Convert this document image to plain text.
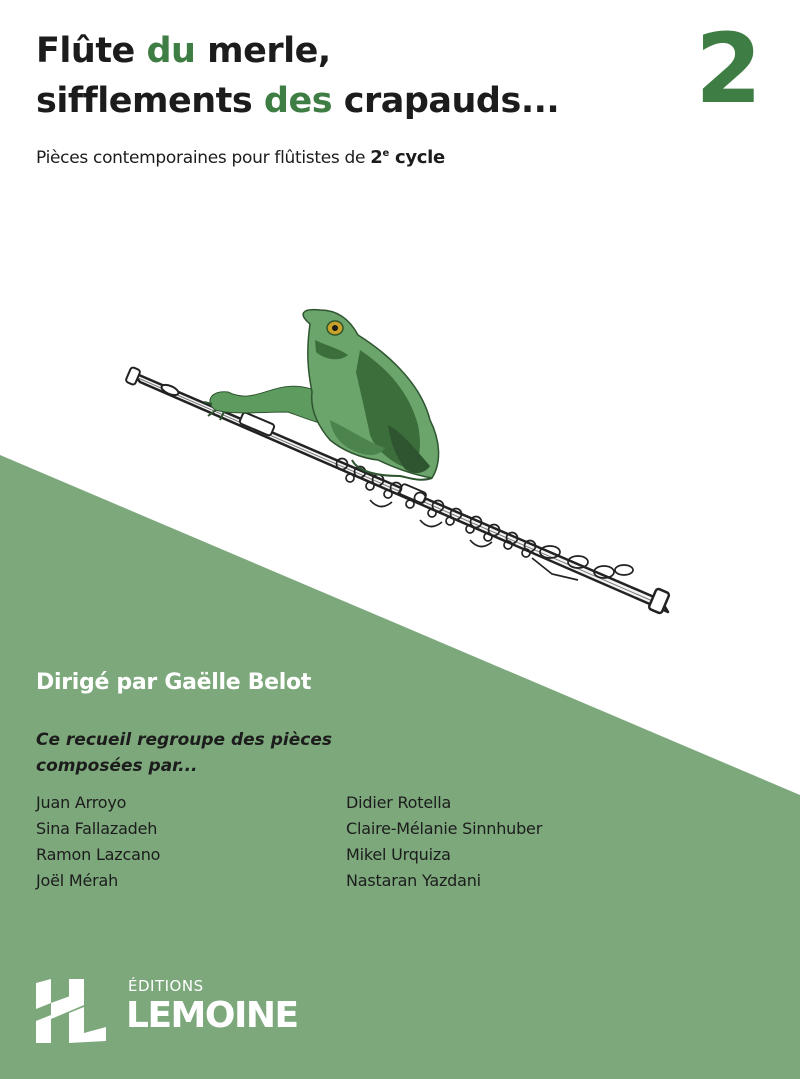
Flûte du merle,
sifflements des crapauds... 2

Pièces contemporaines pour flûtistes de 2e cycle

Dirigé par Gaëlle Belot

Ce recueil regroupe des pièces composées par...

Juan Arroyo
Sina Fallazadeh
Ramon Lazcano
Joël Mérah
Didier Rotella
Claire-Mélanie Sinnhuber
Mikel Urquiza
Nastaran Yazdani
ÉDITIONS
LEMOINE
